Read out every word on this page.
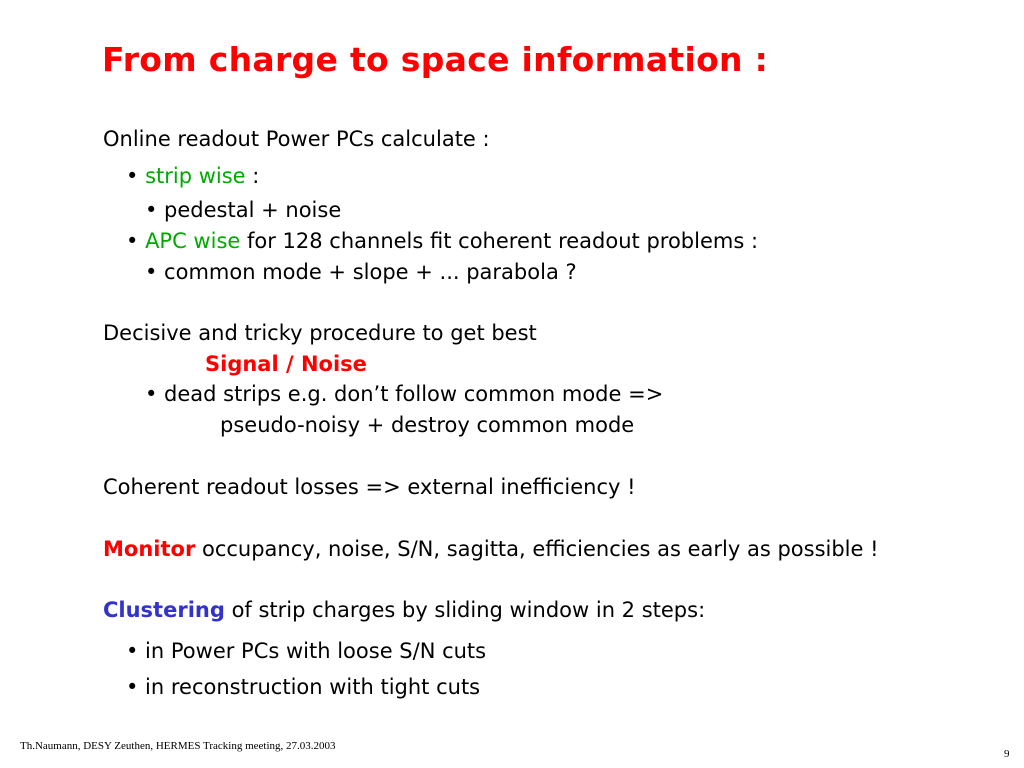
From charge to space information :
Online readout Power PCs calculate :
• strip wise :
• pedestal + noise
• APC wise for 128 channels fit coherent readout problems :
• common mode + slope + ... parabola ?
Decisive and tricky procedure to get best
Signal / Noise
• dead strips e.g. don’t follow common mode =>
pseudo-noisy + destroy common mode
Coherent readout losses => external inefficiency !
Monitor occupancy, noise, S/N, sagitta, efficiencies as early as possible !
Clustering of strip charges by sliding window in 2 steps:
• in Power PCs with loose S/N cuts
• in reconstruction with tight cuts
Th.Naumann, DESY Zeuthen, HERMES Tracking meeting, 27.03.2003
9
